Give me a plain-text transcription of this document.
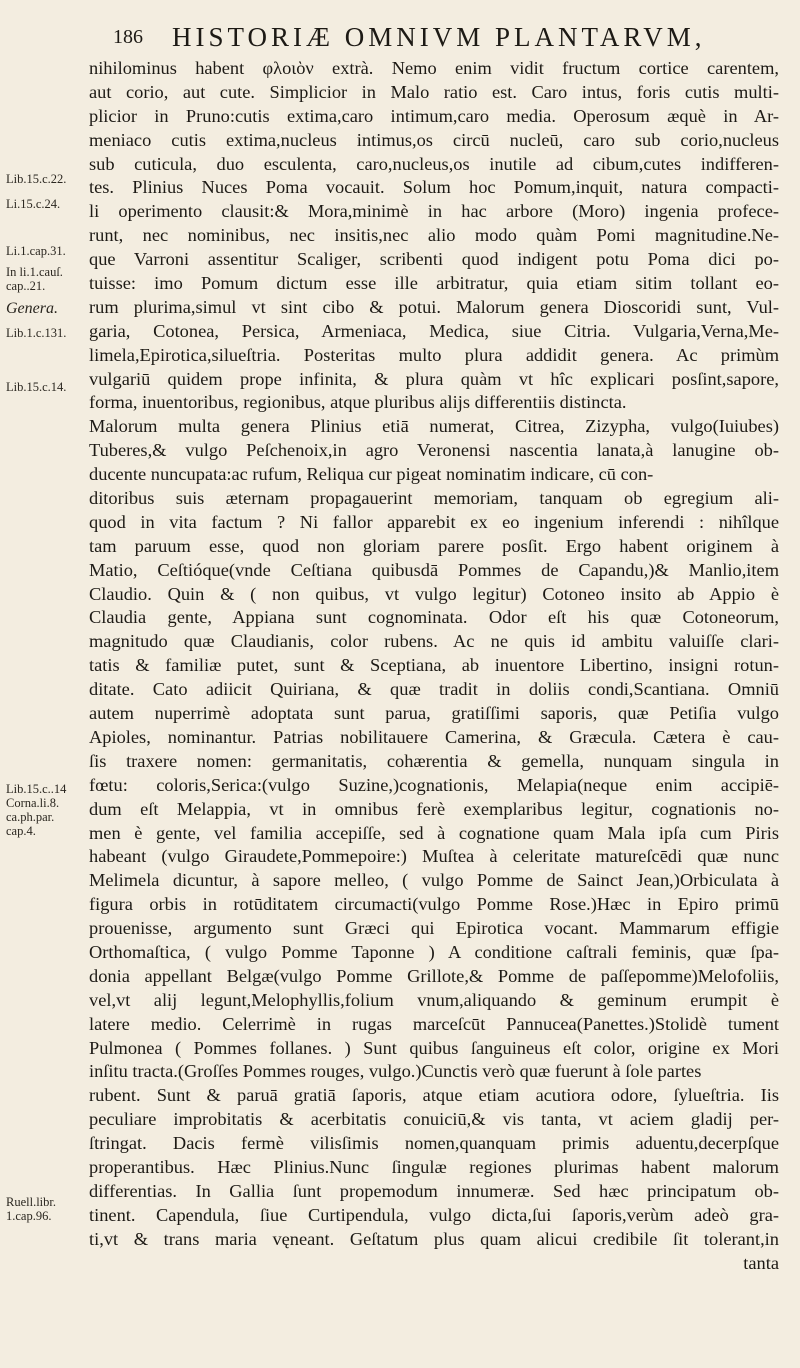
186 HISTORIÆ OMNIVM PLANTARVM,
nihilominus habent φλοιὸν extrà. Nemo enim vidit fructum cortice carentem,
aut corio, aut cute. Simplicior in Malo ratio est. Caro intus, foris cutis multi-
plicior in Pruno:cutis extima,caro intimum,caro media. Operosum æquè in Ar-
meniaco cutis extima,nucleus intimus,os circū nucleū, caro sub corio,nucleus
sub cuticula, duo esculenta, caro,nucleus,os inutile ad cibum,cutes indifferen-
tes. Plinius Nuces Poma vocauit. Solum hoc Pomum,inquit, natura compacti-
li operimento clausit:& Mora,minimè in hac arbore (Moro) ingenia profece-
runt, nec nominibus, nec insitis,nec alio modo quàm Pomi magnitudine.Ne-
que Varroni assentitur Scaliger, scribenti quod indigent potu Poma dici po-
tuisse: imo Pomum dictum esse ille arbitratur, quia etiam sitim tollant eo-
rum plurima,simul vt sint cibo & potui. Malorum genera Dioscoridi sunt, Vul-
garia, Cotonea, Persica, Armeniaca, Medica, siue Citria. Vulgaria,Verna,Me-
limela,Epirotica,silueſtria. Posteritas multo plura addidit genera. Ac primùm
vulgariū quidem prope infinita, & plura quàm vt hîc explicari posſint,sapore,
forma, inuentoribus, regionibus, atque pluribus alijs differentiis distincta.
Malorum multa genera Plinius etiā numerat, Citrea, Zizypha, vulgo(Iuiubes)
Tuberes,& vulgo Peſchenoix,in agro Veronensi nascentia lanata,à lanugine ob-
ducente nuncupata:ac rufum, Reliqua cur pigeat nominatim indicare, cū con-
ditoribus suis æternam propagauerint memoriam, tanquam ob egregium ali-
quod in vita factum ? Ni fallor apparebit ex eo ingenium inferendi : nihîlque
tam paruum esse, quod non gloriam parere posſit. Ergo habent originem à
Matio, Ceſtióque(vnde Ceſtiana quibusdā Pommes de Capandu,)& Manlio,item
Claudio. Quin & ( non quibus, vt vulgo legitur) Cotoneo insito ab Appio è
Claudia gente, Appiana sunt cognominata. Odor eſt his quæ Cotoneorum,
magnitudo quæ Claudianis, color rubens. Ac ne quis id ambitu valuiſſe clari-
tatis & familiæ putet, sunt & Sceptiana, ab inuentore Libertino, insigni rotun-
ditate. Cato adiicit Quiriana, & quæ tradit in doliis condi,Scantiana. Omniū
autem nuperrimè adoptata sunt parua, gratiſſimi saporis, quæ Petiſia vulgo
Apioles, nominantur. Patrias nobilitauere Camerina, & Græcula. Cætera è cau-
ſis traxere nomen: germanitatis, cohærentia & gemella, nunquam singula in
fœtu: coloris,Serica:(vulgo Suzine,)cognationis, Melapia(neque enim accipiē-
dum eſt Melappia, vt in omnibus ferè exemplaribus legitur, cognationis no-
men è gente, vel familia accepiſſe, sed à cognatione quam Mala ipſa cum Piris
habeant (vulgo Giraudete,Pommepoire:) Muſtea à celeritate matureſcēdi quæ nunc
Melimela dicuntur, à sapore melleo, ( vulgo Pomme de Sainct Jean,)Orbiculata à
figura orbis in rotūditatem circumacti(vulgo Pomme Rose.)Hæc in Epiro primū
prouenisse, argumento sunt Græci qui Epirotica vocant. Mammarum effigie
Orthomaſtica, ( vulgo Pomme Taponne ) A conditione caſtrali feminis, quæ ſpa-
donia appellant Belgæ(vulgo Pomme Grillote,& Pomme de paſſepomme)Melofoliis,
vel,vt alij legunt,Melophyllis,folium vnum,aliquando & geminum erumpit è
latere medio. Celerrimè in rugas marceſcūt Pannucea(Panettes.)Stolidè tument
Pulmonea ( Pommes follanes. ) Sunt quibus ſanguineus eſt color, origine ex Mori
inſitu tracta.(Groſſes Pommes rouges, vulgo.)Cunctis verò quæ fuerunt à ſole partes
rubent. Sunt & paruā gratiā ſaporis, atque etiam acutiora odore, ſylueſtria. Iis
peculiare improbitatis & acerbitatis conuiciū,& vis tanta, vt aciem gladij per-
ſtringat. Dacis fermè vilisſimis nomen,quanquam primis aduentu,decerpſque
properantibus. Hæc Plinius.Nunc ſingulæ regiones plurimas habent malorum
differentias. In Gallia ſunt propemodum innumeræ. Sed hæc principatum ob-
tinent. Capendula, ſiue Curtipendula, vulgo dicta,ſui ſaporis,verùm adeò gra-
ti,vt & trans maria vęneant. Geſtatum plus quam alicui credibile ſit tolerant,in
tanta
Lib.15.c.22.
Li.15.c.24.
Li.1.cap.31.
In li.1.cauſ.
cap..21.
Genera.
Lib.1.c.131.
Lib.15.c.14.
Lib.15.c..14
Corna.li.8.
ca.ph.par.
cap.4.
Ruell.libr.
1.cap.96.
